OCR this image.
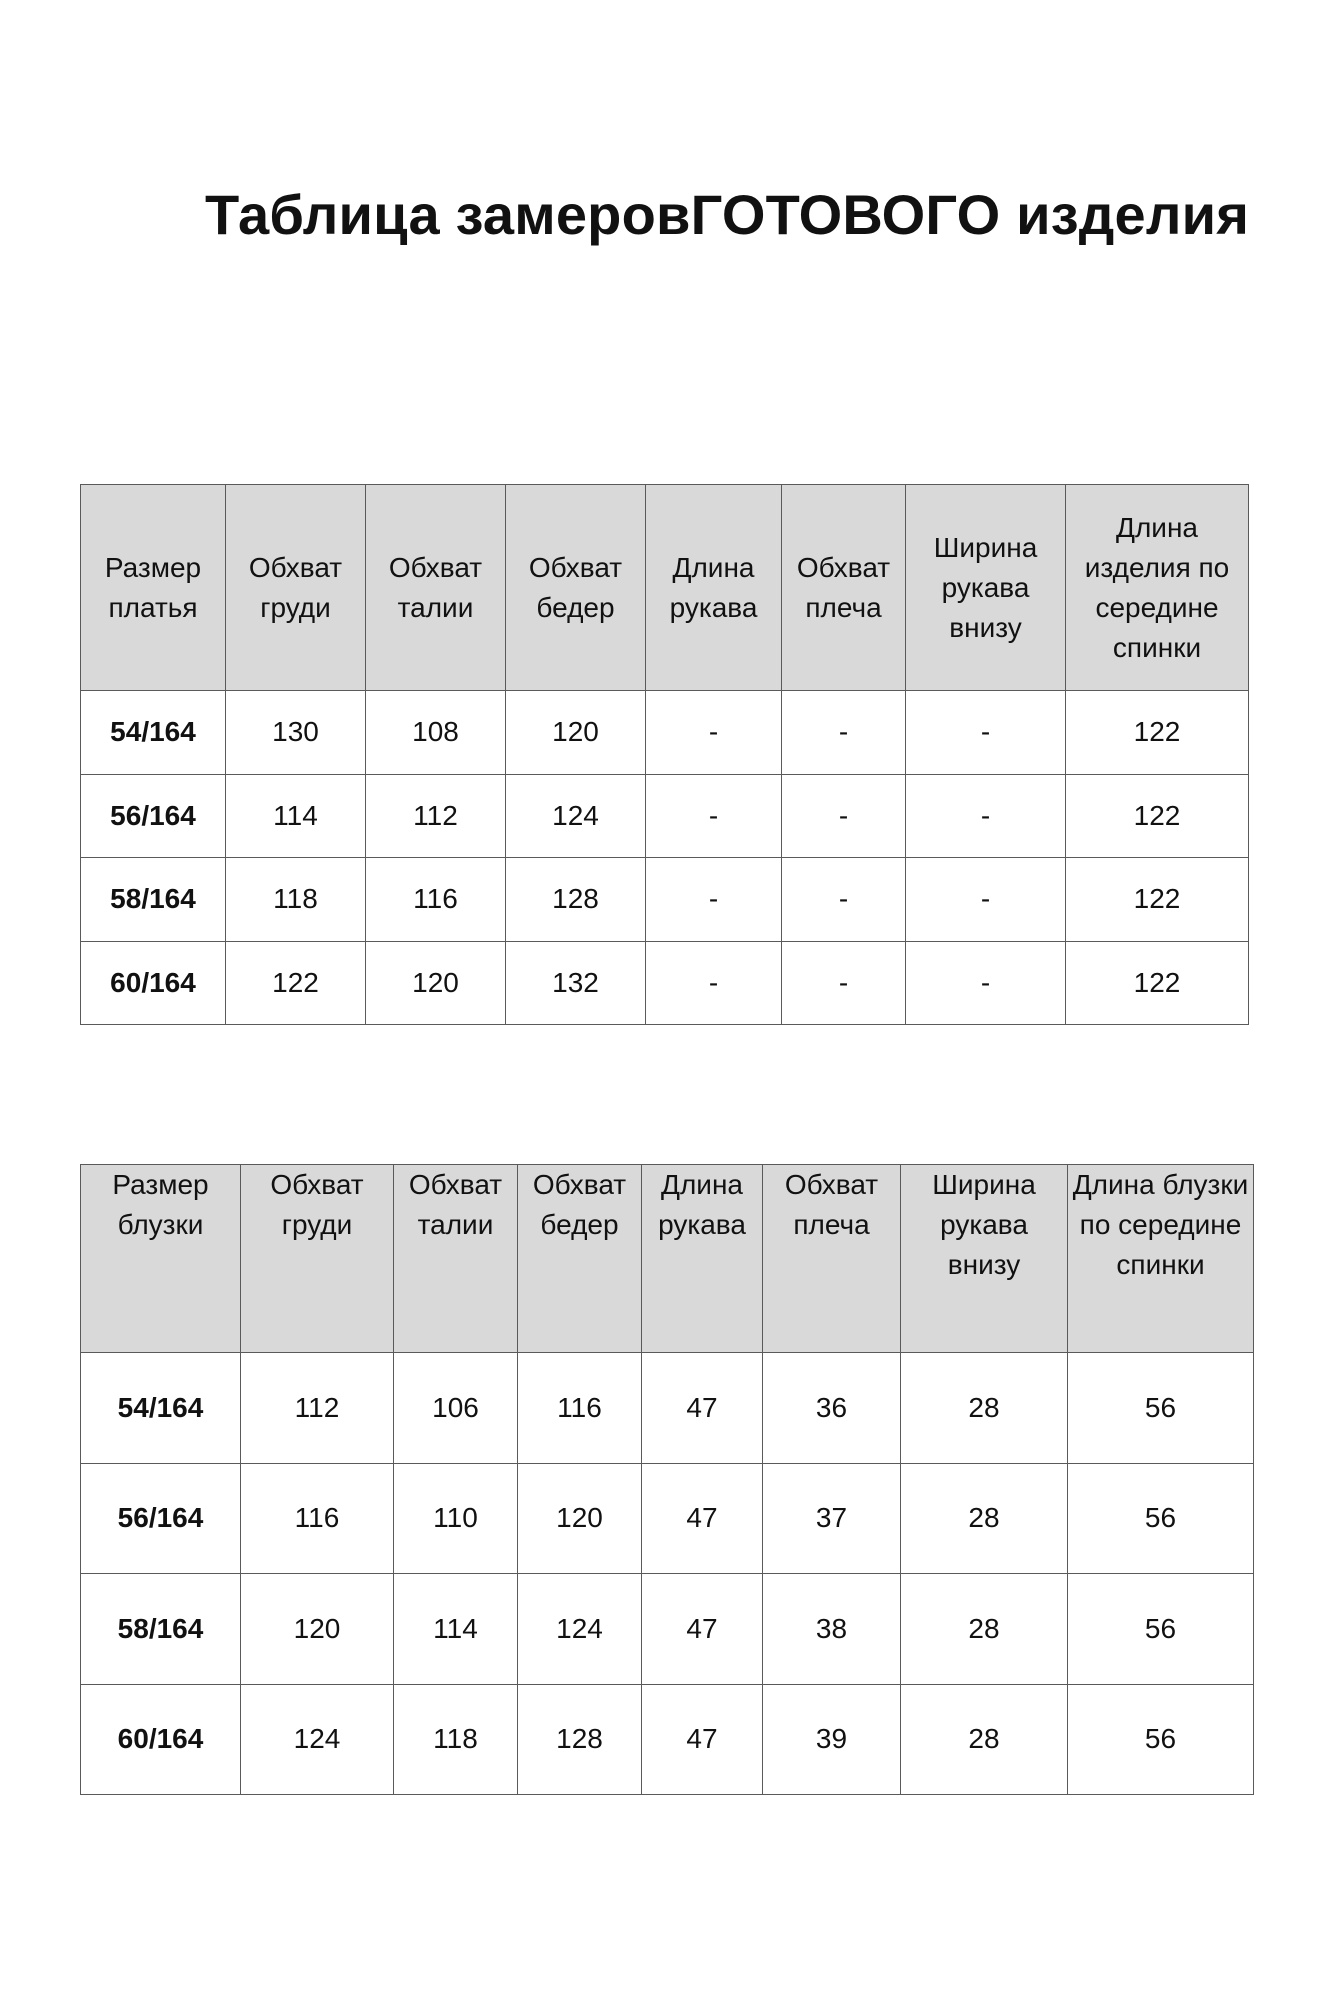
Таблица замеровГОТОВОГО изделия
Размер платья	Обхват груди	Обхват талии	Обхват бедер	Длина рукава	Обхват плеча	Ширина рукава внизу	Длина изделия по середине спинки
54/164	130	108	120	-	-	-	122
56/164	114	112	124	-	-	-	122
58/164	118	116	128	-	-	-	122
60/164	122	120	132	-	-	-	122
Размер блузки	Обхват груди	Обхват талии	Обхват бедер	Длина рукава	Обхват плеча	Ширина рукава внизу	Длина блузки по середине спинки
54/164	112	106	116	47	36	28	56
56/164	116	110	120	47	37	28	56
58/164	120	114	124	47	38	28	56
60/164	124	118	128	47	39	28	56
